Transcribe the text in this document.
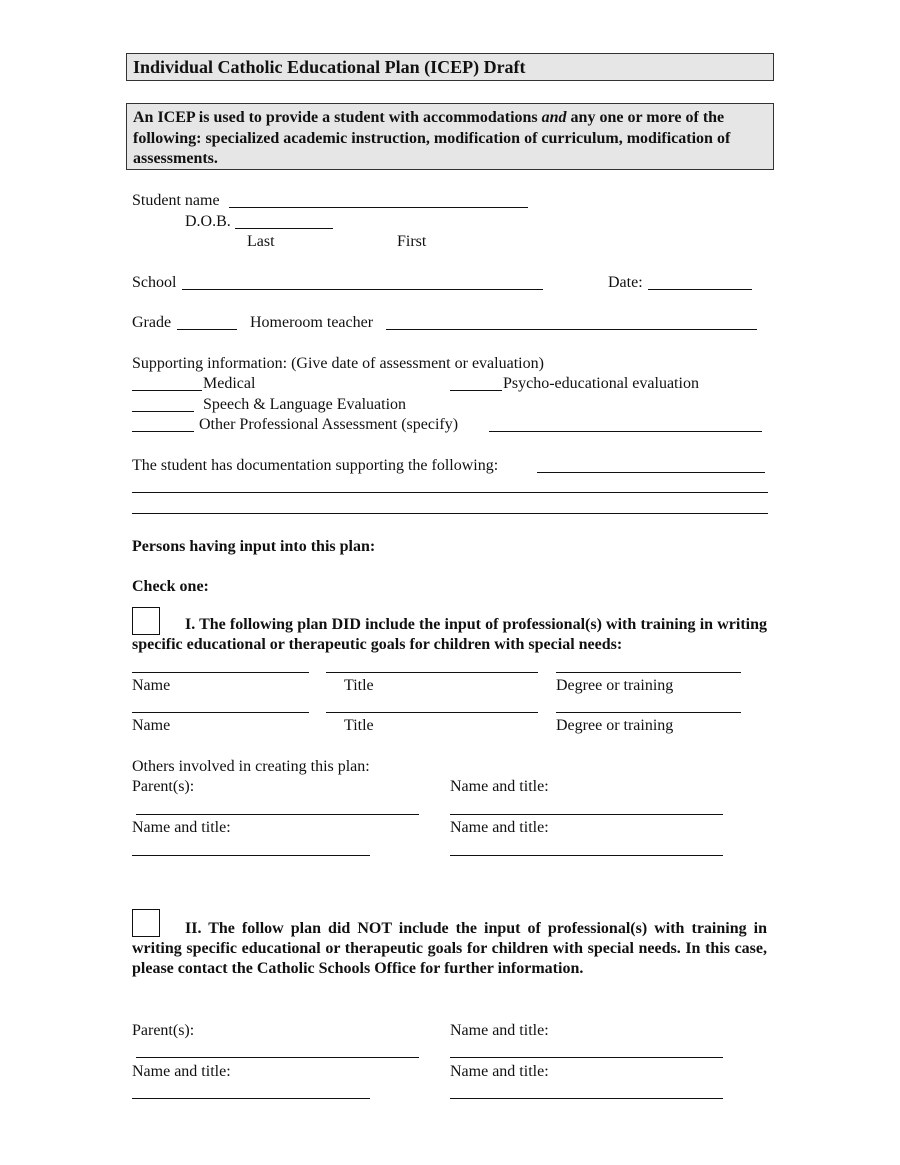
Individual Catholic Educational Plan (ICEP) Draft

An ICEP is used to provide a student with accommodations and any one or more of the following: specialized academic instruction, modification of curriculum, modification of assessments.

Student name
D.O.B.
Last	First
School	Date:
Grade	Homeroom teacher
Supporting information: (Give date of assessment or evaluation)
Medical	Psycho-educational evaluation
Speech & Language Evaluation
Other Professional Assessment (specify)
The student has documentation supporting the following:
Persons having input into this plan:
Check one:
I. The following plan DID include the input of professional(s) with training in writing specific educational or therapeutic goals for children with special needs:
Name	Title	Degree or training
Name	Title	Degree or training
Others involved in creating this plan:
Parent(s):	Name and title:
Name and title:	Name and title:
II. The follow plan did NOT include the input of professional(s) with training in writing specific educational or therapeutic goals for children with special needs. In this case, please contact the Catholic Schools Office for further information.
Parent(s):	Name and title:
Name and title:	Name and title:
